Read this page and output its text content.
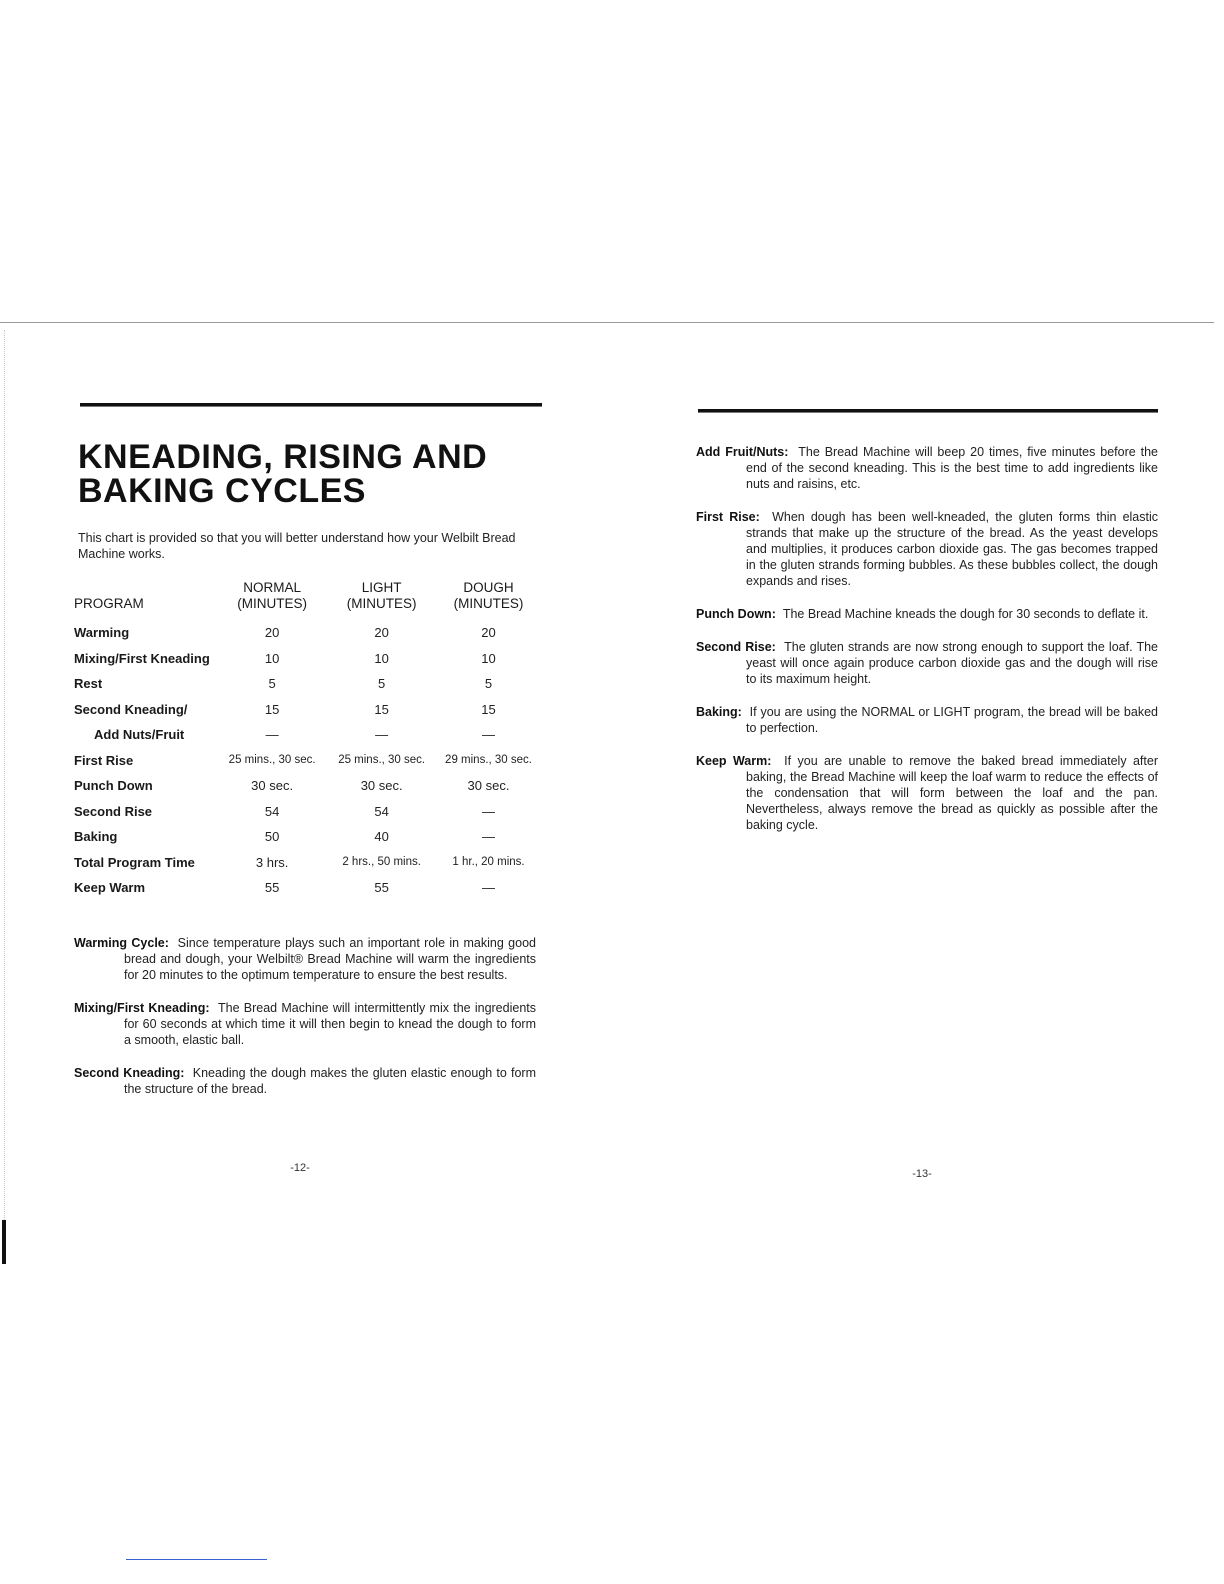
KNEADING, RISING AND BAKING CYCLES

This chart is provided so that you will better understand how your Welbilt Bread Machine works.

PROGRAM	NORMAL (MINUTES)	LIGHT (MINUTES)	DOUGH (MINUTES)
Warming	20	20	20
Mixing/First Kneading	10	10	10
Rest	5	5	5
Second Kneading/	15	15	15
Add Nuts/Fruit	—	—	—
First Rise	25 mins., 30 sec.	25 mins., 30 sec.	29 mins., 30 sec.
Punch Down	30 sec.	30 sec.	30 sec.
Second Rise	54	54	—
Baking	50	40	—
Total Program Time	3 hrs.	2 hrs., 50 mins.	1 hr., 20 mins.
Keep Warm	55	55	—
Warming Cycle: Since temperature plays such an important role in making good bread and dough, your Welbilt® Bread Machine will warm the ingredients for 20 minutes to the optimum temperature to ensure the best results.
Mixing/First Kneading: The Bread Machine will intermittently mix the ingredients for 60 seconds at which time it will then begin to knead the dough to form a smooth, elastic ball.
Second Kneading: Kneading the dough makes the gluten elastic enough to form the structure of the bread.
-12-
Add Fruit/Nuts: The Bread Machine will beep 20 times, five minutes before the end of the second kneading. This is the best time to add ingredients like nuts and raisins, etc.
First Rise: When dough has been well-kneaded, the gluten forms thin elastic strands that make up the structure of the bread. As the yeast develops and multiplies, it produces carbon dioxide gas. The gas becomes trapped in the gluten strands forming bubbles. As these bubbles collect, the dough expands and rises.
Punch Down: The Bread Machine kneads the dough for 30 seconds to deflate it.
Second Rise: The gluten strands are now strong enough to support the loaf. The yeast will once again produce carbon dioxide gas and the dough will rise to its maximum height.
Baking: If you are using the NORMAL or LIGHT program, the bread will be baked to perfection.
Keep Warm: If you are unable to remove the baked bread immediately after baking, the Bread Machine will keep the loaf warm to reduce the effects of the condensation that will form between the loaf and the pan. Nevertheless, always remove the bread as quickly as possible after the baking cycle.
-13-
